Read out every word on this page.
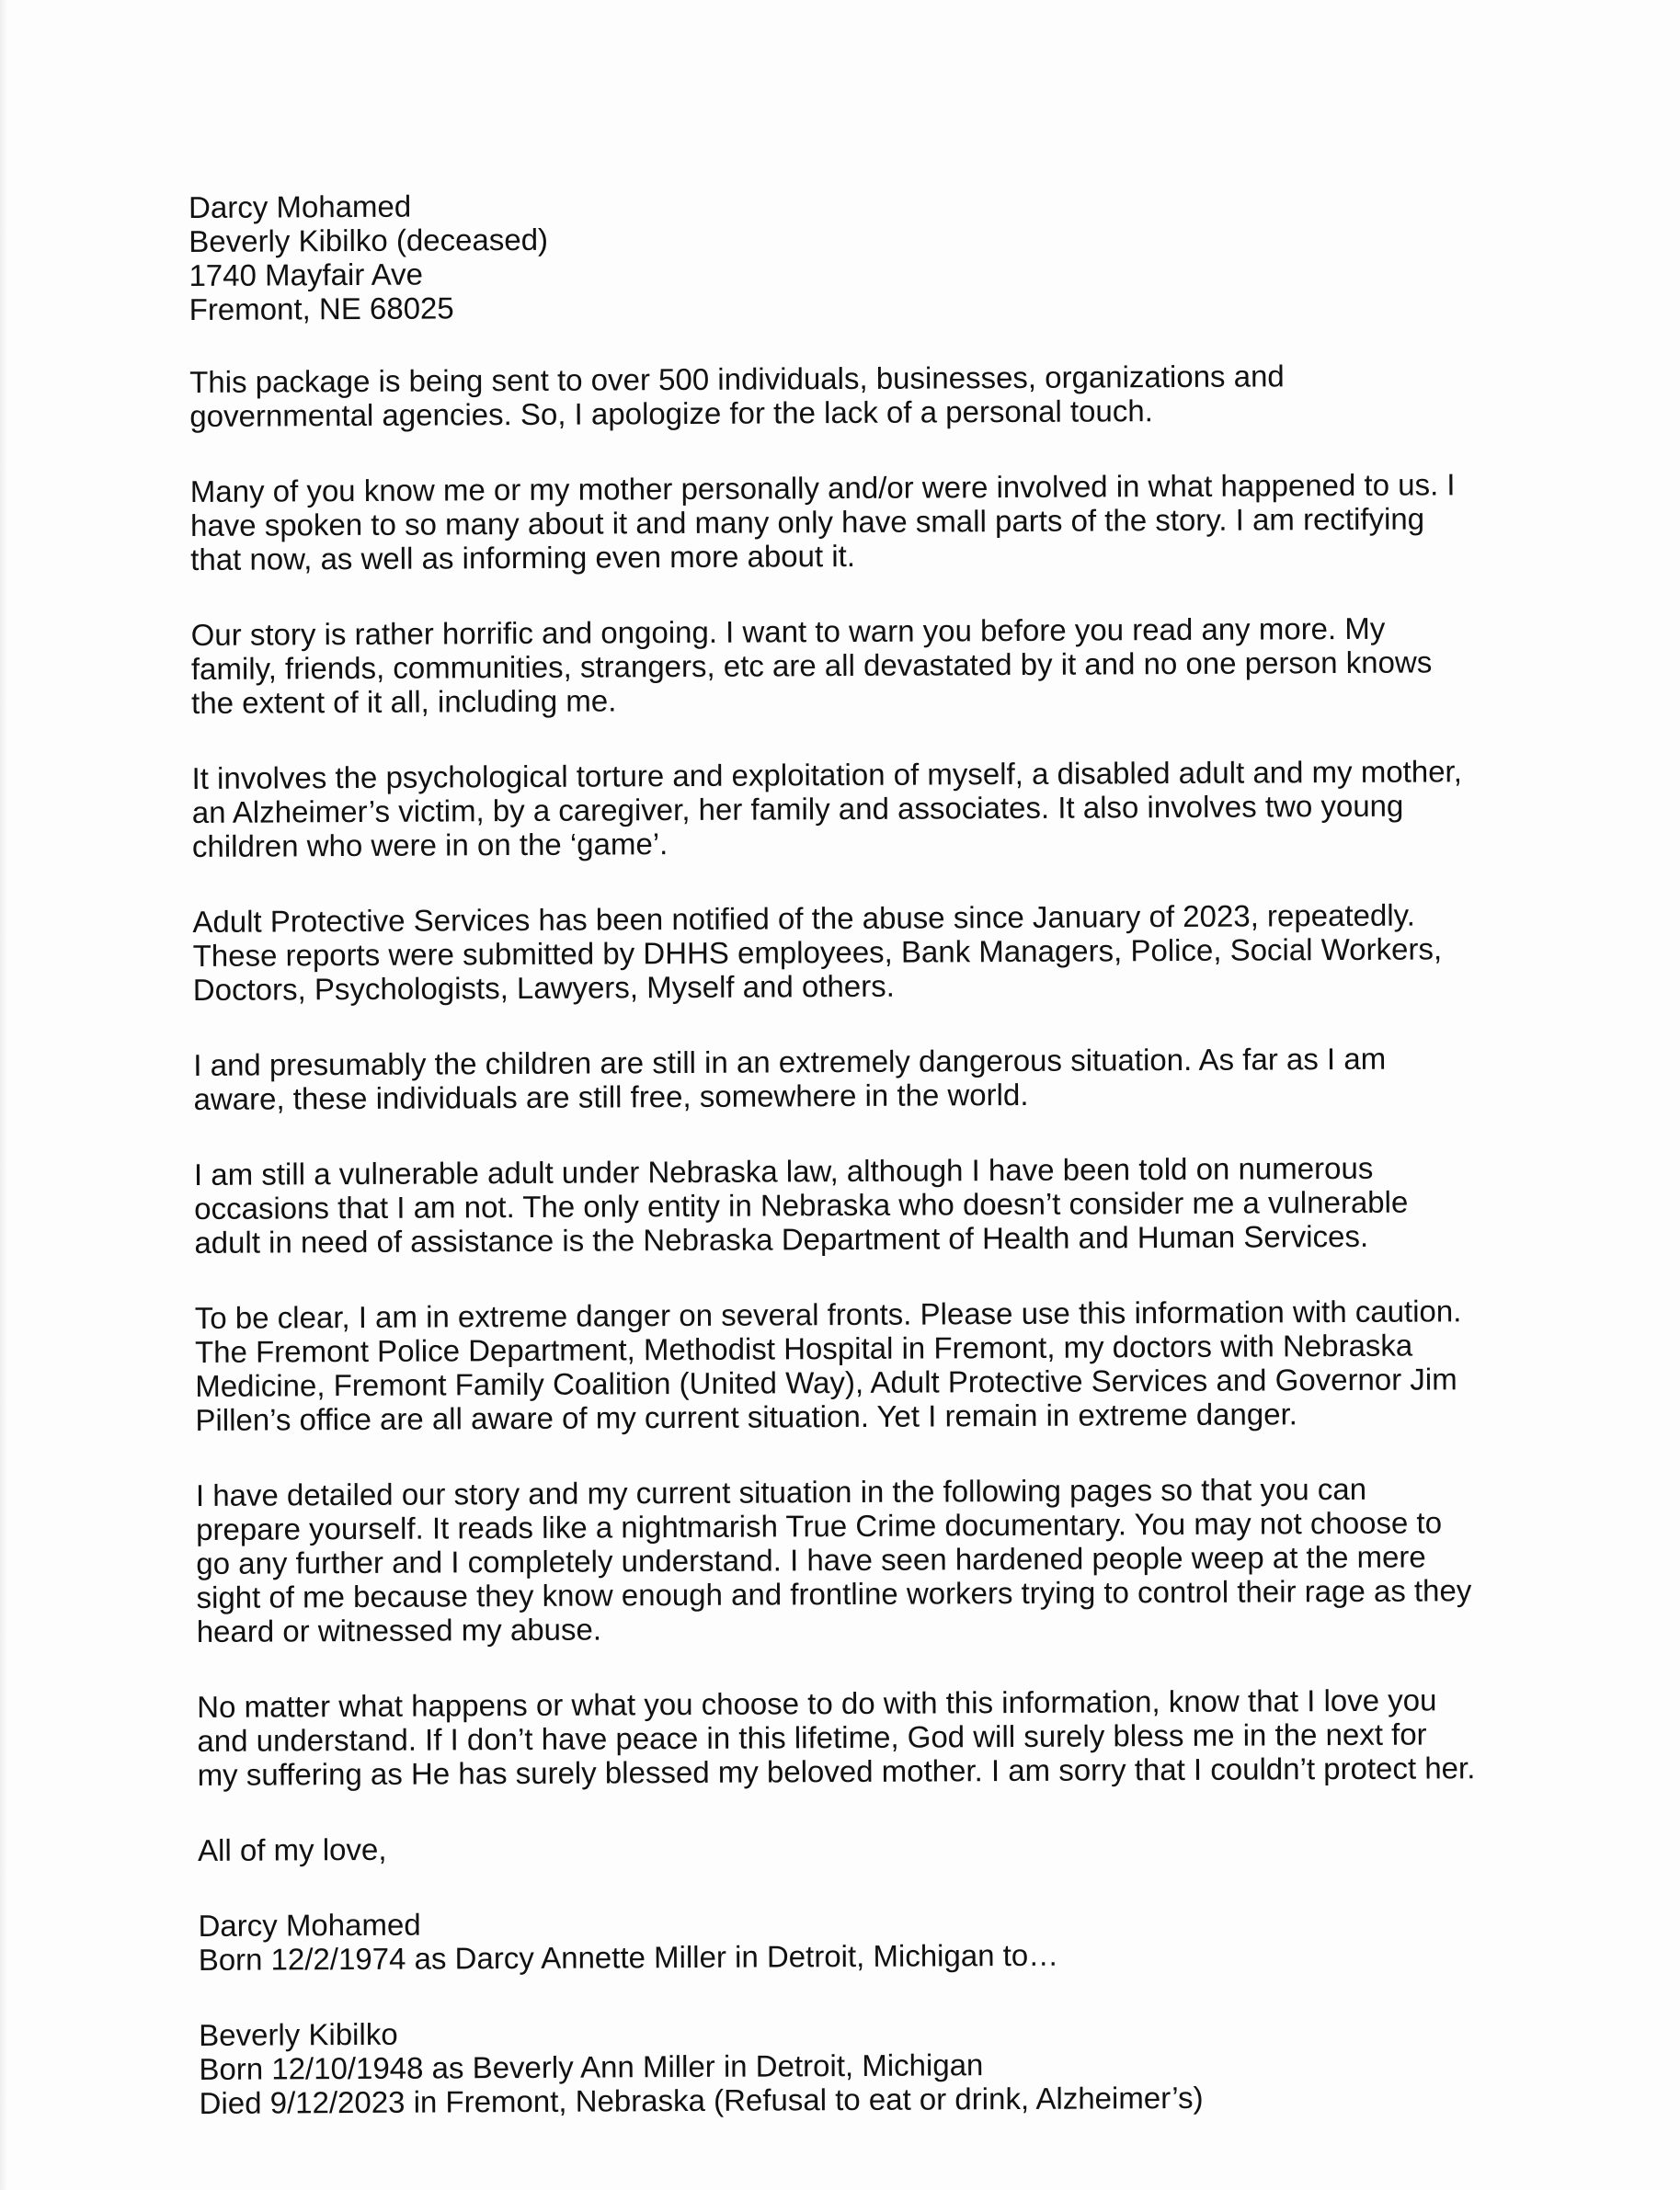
Darcy Mohamed
Beverly Kibilko (deceased)
1740 Mayfair Ave
Fremont, NE 68025
This package is being sent to over 500 individuals, businesses, organizations and
governmental agencies. So, I apologize for the lack of a personal touch.
Many of you know me or my mother personally and/or were involved in what happened to us. I
have spoken to so many about it and many only have small parts of the story. I am rectifying
that now, as well as informing even more about it.
Our story is rather horrific and ongoing. I want to warn you before you read any more. My
family, friends, communities, strangers, etc are all devastated by it and no one person knows
the extent of it all, including me.
It involves the psychological torture and exploitation of myself, a disabled adult and my mother,
an Alzheimer’s victim, by a caregiver, her family and associates. It also involves two young
children who were in on the ‘game’.
Adult Protective Services has been notified of the abuse since January of 2023, repeatedly.
These reports were submitted by DHHS employees, Bank Managers, Police, Social Workers,
Doctors, Psychologists, Lawyers, Myself and others.
I and presumably the children are still in an extremely dangerous situation. As far as I am
aware, these individuals are still free, somewhere in the world.
I am still a vulnerable adult under Nebraska law, although I have been told on numerous
occasions that I am not. The only entity in Nebraska who doesn’t consider me a vulnerable
adult in need of assistance is the Nebraska Department of Health and Human Services.
To be clear, I am in extreme danger on several fronts. Please use this information with caution.
The Fremont Police Department, Methodist Hospital in Fremont, my doctors with Nebraska
Medicine, Fremont Family Coalition (United Way), Adult Protective Services and Governor Jim
Pillen’s office are all aware of my current situation. Yet I remain in extreme danger.
I have detailed our story and my current situation in the following pages so that you can
prepare yourself. It reads like a nightmarish True Crime documentary. You may not choose to
go any further and I completely understand. I have seen hardened people weep at the mere
sight of me because they know enough and frontline workers trying to control their rage as they
heard or witnessed my abuse.
No matter what happens or what you choose to do with this information, know that I love you
and understand. If I don’t have peace in this lifetime, God will surely bless me in the next for
my suffering as He has surely blessed my beloved mother. I am sorry that I couldn’t protect her.
All of my love,
Darcy Mohamed
Born 12/2/1974 as Darcy Annette Miller in Detroit, Michigan to…
Beverly Kibilko
Born 12/10/1948 as Beverly Ann Miller in Detroit, Michigan
Died 9/12/2023 in Fremont, Nebraska (Refusal to eat or drink, Alzheimer’s)
